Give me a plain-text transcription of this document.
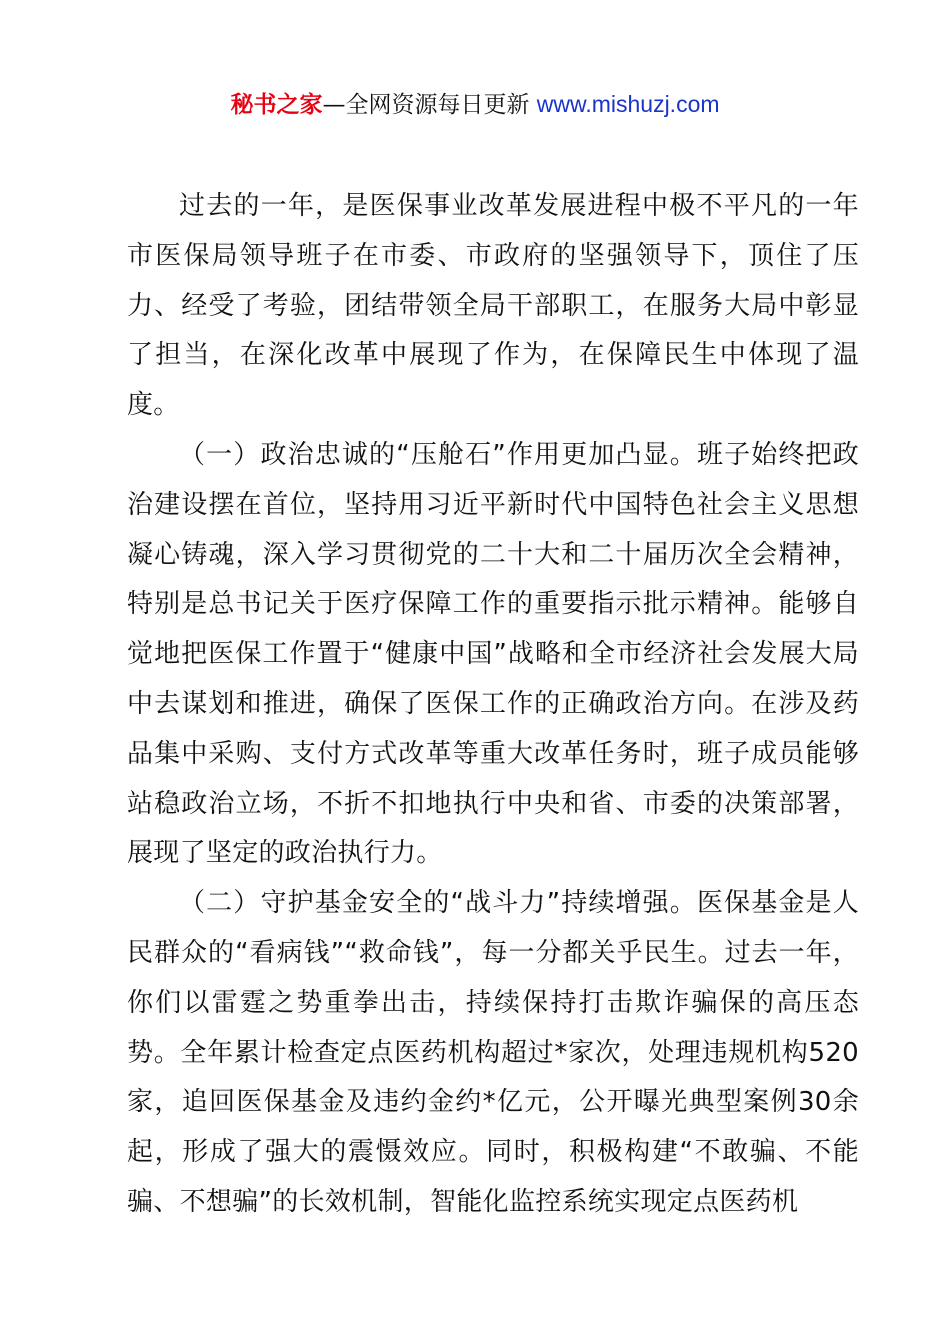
秘书之家—全网资源每日更新 www.mishuzj.com

过去的一年，是医保事业改革发展进程中极不平凡的一年市医保局领导班子在市委、市政府的坚强领导下，顶住了压力、经受了考验，团结带领全局干部职工，在服务大局中彰显了担当，在深化改革中展现了作为，在保障民生中体现了温度。

（一）政治忠诚的“压舱石”作用更加凸显。班子始终把政治建设摆在首位，坚持用习近平新时代中国特色社会主义思想凝心铸魂，深入学习贯彻党的二十大和二十届历次全会精神，特别是总书记关于医疗保障工作的重要指示批示精神。能够自觉地把医保工作置于“健康中国”战略和全市经济社会发展大局中去谋划和推进，确保了医保工作的正确政治方向。在涉及药品集中采购、支付方式改革等重大改革任务时，班子成员能够站稳政治立场，不折不扣地执行中央和省、市委的决策部署，展现了坚定的政治执行力。

（二）守护基金安全的“战斗力”持续增强。医保基金是人民群众的“看病钱”“救命钱”，每一分都关乎民生。过去一年，你们以雷霆之势重拳出击，持续保持打击欺诈骗保的高压态势。全年累计检查定点医药机构超过*家次，处理违规机构520家，追回医保基金及违约金约*亿元，公开曝光典型案例30余起，形成了强大的震慑效应。同时，积极构建“不敢骗、不能骗、不想骗”的长效机制，智能化监控系统实现定点医药机
